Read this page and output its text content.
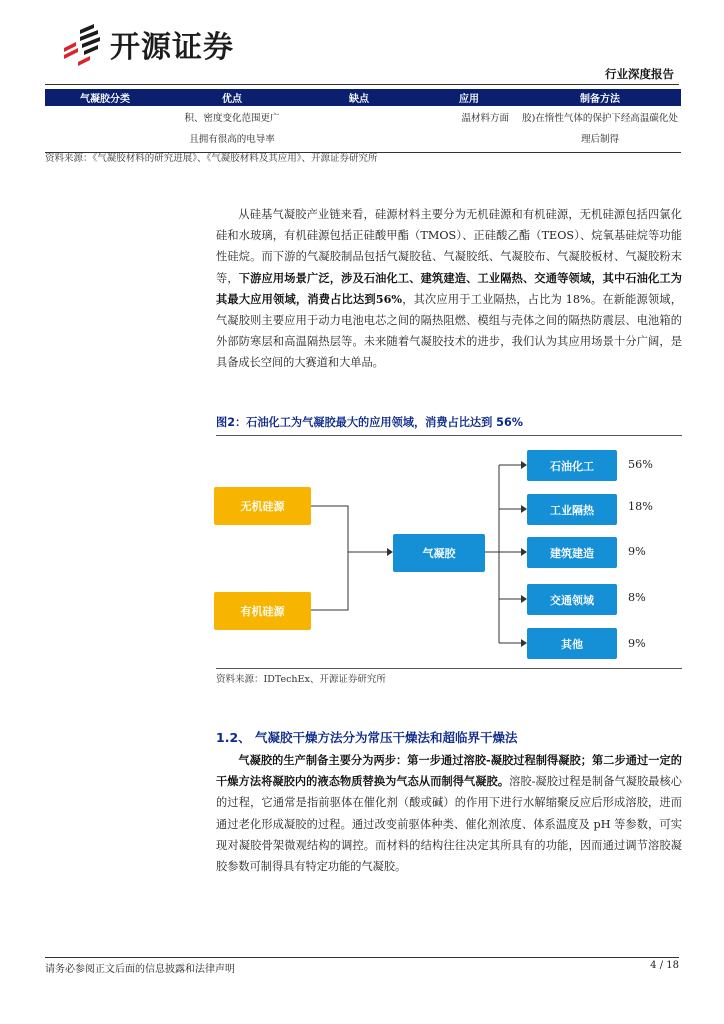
开源证券
行业深度报告
气凝胶分类	优点	缺点	应用	制备方法
	积、密度变化范围更广
且拥有很高的电导率		温材料方面	胶)在惰性气体的保护下经高温碳化处
理后制得
资料来源：《气凝胶材料的研究进展》、《气凝胶材料及其应用》、开源证券研究所

从硅基气凝胶产业链来看，硅源材料主要分为无机硅源和有机硅源，无机硅源包括四氯化硅和水玻璃，有机硅源包括正硅酸甲酯（TMOS）、正硅酸乙酯（TEOS）、烷氧基硅烷等功能性硅烷。而下游的气凝胶制品包括气凝胶毡、气凝胶纸、气凝胶布、气凝胶板材、气凝胶粉末等，下游应用场景广泛，涉及石油化工、建筑建造、工业隔热、交通等领域，其中石油化工为其最大应用领域，消费占比达到56%，其次应用于工业隔热，占比为 18%。在新能源领域，气凝胶则主要应用于动力电池电芯之间的隔热阻燃、模组与壳体之间的隔热防震层、电池箱的外部防寒层和高温隔热层等。未来随着气凝胶技术的进步，我们认为其应用场景十分广阔，是具备成长空间的大赛道和大单品。

图2：石油化工为气凝胶最大的应用领域，消费占比达到 56%
无机硅源
有机硅源
气凝胶
石油化工
工业隔热
建筑建造
交通领域
其他
56%
18%
9%
8%
9%
资料来源：IDTechEx、开源证券研究所
1.2、 气凝胶干燥方法分为常压干燥法和超临界干燥法

气凝胶的生产制备主要分为两步：第一步通过溶胶-凝胶过程制得凝胶；第二步通过一定的干燥方法将凝胶内的液态物质替换为气态从而制得气凝胶。溶胶-凝胶过程是制备气凝胶最核心的过程，它通常是指前驱体在催化剂（酸或碱）的作用下进行水解缩聚反应后形成溶胶，进而通过老化形成凝胶的过程。通过改变前驱体种类、催化剂浓度、体系温度及 pH 等参数，可实现对凝胶骨架微观结构的调控。而材料的结构往往决定其所具有的功能，因而通过调节溶胶凝胶参数可制得具有特定功能的气凝胶。

请务必参阅正文后面的信息披露和法律声明	4 / 18
